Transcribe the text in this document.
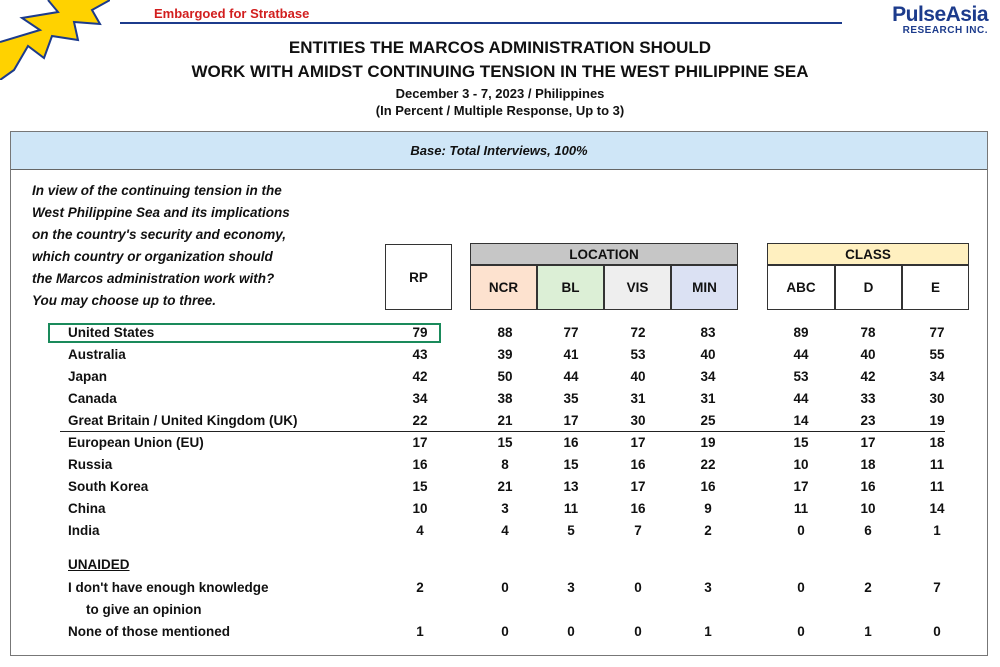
Embargoed for Stratbase	PulseAsia
RESEARCH INC.
ENTITIES THE MARCOS ADMINISTRATION SHOULD
WORK WITH AMIDST CONTINUING TENSION IN THE WEST PHILIPPINE SEA
December 3 - 7, 2023 / Philippines
(In Percent / Multiple Response, Up to 3)
Base: Total Interviews, 100%
In view of the continuing tension in the
West Philippine Sea and its implications
on the country's security and economy,
which country or organization should
the Marcos administration work with?
You may choose up to three.
RP
LOCATION
NCR	BL	VIS	MIN
CLASS
ABC	D	E
United States	79	88	77	72	83	89	78	77
Australia	43	39	41	53	40	44	40	55
Japan	42	50	44	40	34	53	42	34
Canada	34	38	35	31	31	44	33	30
Great Britain / United Kingdom (UK)	22	21	17	30	25	14	23	19
European Union (EU)	17	15	16	17	19	15	17	18
Russia	16	8	15	16	22	10	18	11
South Korea	15	21	13	17	16	17	16	11
China	10	3	11	16	9	11	10	14
India	4	4	5	7	2	0	6	1
UNAIDED
I don't have enough knowledge	2	0	3	0	3	0	2	7
to give an opinion
None of those mentioned	1	0	0	0	1	0	1	0
